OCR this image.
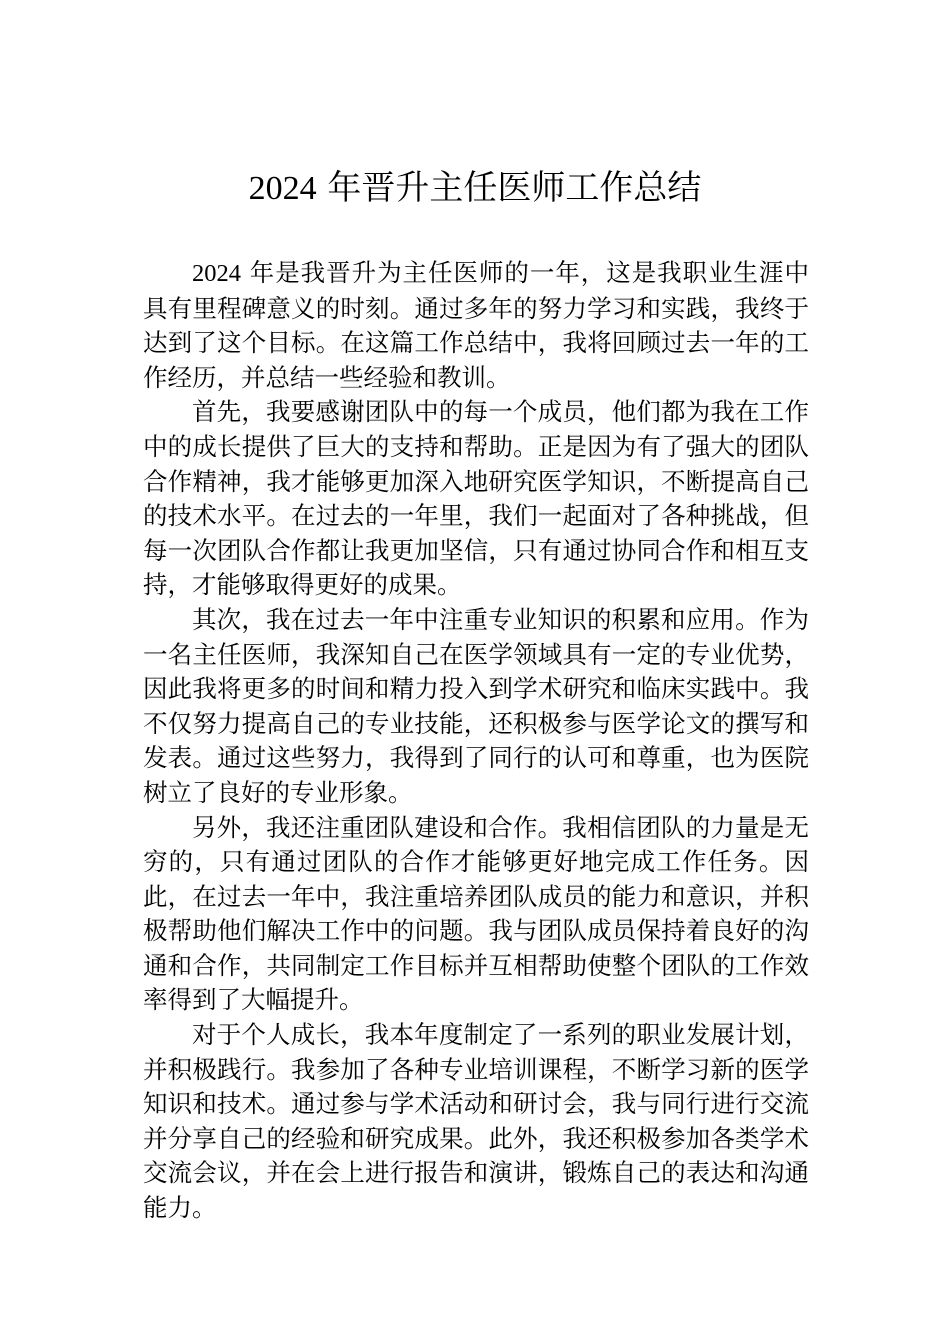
2024 年晋升主任医师工作总结

2024 年是我晋升为主任医师的一年，这是我职业生涯中具有里程碑意义的时刻。通过多年的努力学习和实践，我终于达到了这个目标。在这篇工作总结中，我将回顾过去一年的工作经历，并总结一些经验和教训。

首先，我要感谢团队中的每一个成员，他们都为我在工作中的成长提供了巨大的支持和帮助。正是因为有了强大的团队合作精神，我才能够更加深入地研究医学知识，不断提高自己的技术水平。在过去的一年里，我们一起面对了各种挑战，但每一次团队合作都让我更加坚信，只有通过协同合作和相互支持，才能够取得更好的成果。

其次，我在过去一年中注重专业知识的积累和应用。作为一名主任医师，我深知自己在医学领域具有一定的专业优势，因此我将更多的时间和精力投入到学术研究和临床实践中。我不仅努力提高自己的专业技能，还积极参与医学论文的撰写和发表。通过这些努力，我得到了同行的认可和尊重，也为医院树立了良好的专业形象。

另外，我还注重团队建设和合作。我相信团队的力量是无穷的，只有通过团队的合作才能够更好地完成工作任务。因此，在过去一年中，我注重培养团队成员的能力和意识，并积极帮助他们解决工作中的问题。我与团队成员保持着良好的沟通和合作，共同制定工作目标并互相帮助使整个团队的工作效率得到了大幅提升。

对于个人成长，我本年度制定了一系列的职业发展计划，并积极践行。我参加了各种专业培训课程，不断学习新的医学知识和技术。通过参与学术活动和研讨会，我与同行进行交流并分享自己的经验和研究成果。此外，我还积极参加各类学术交流会议，并在会上进行报告和演讲，锻炼自己的表达和沟通能力。
